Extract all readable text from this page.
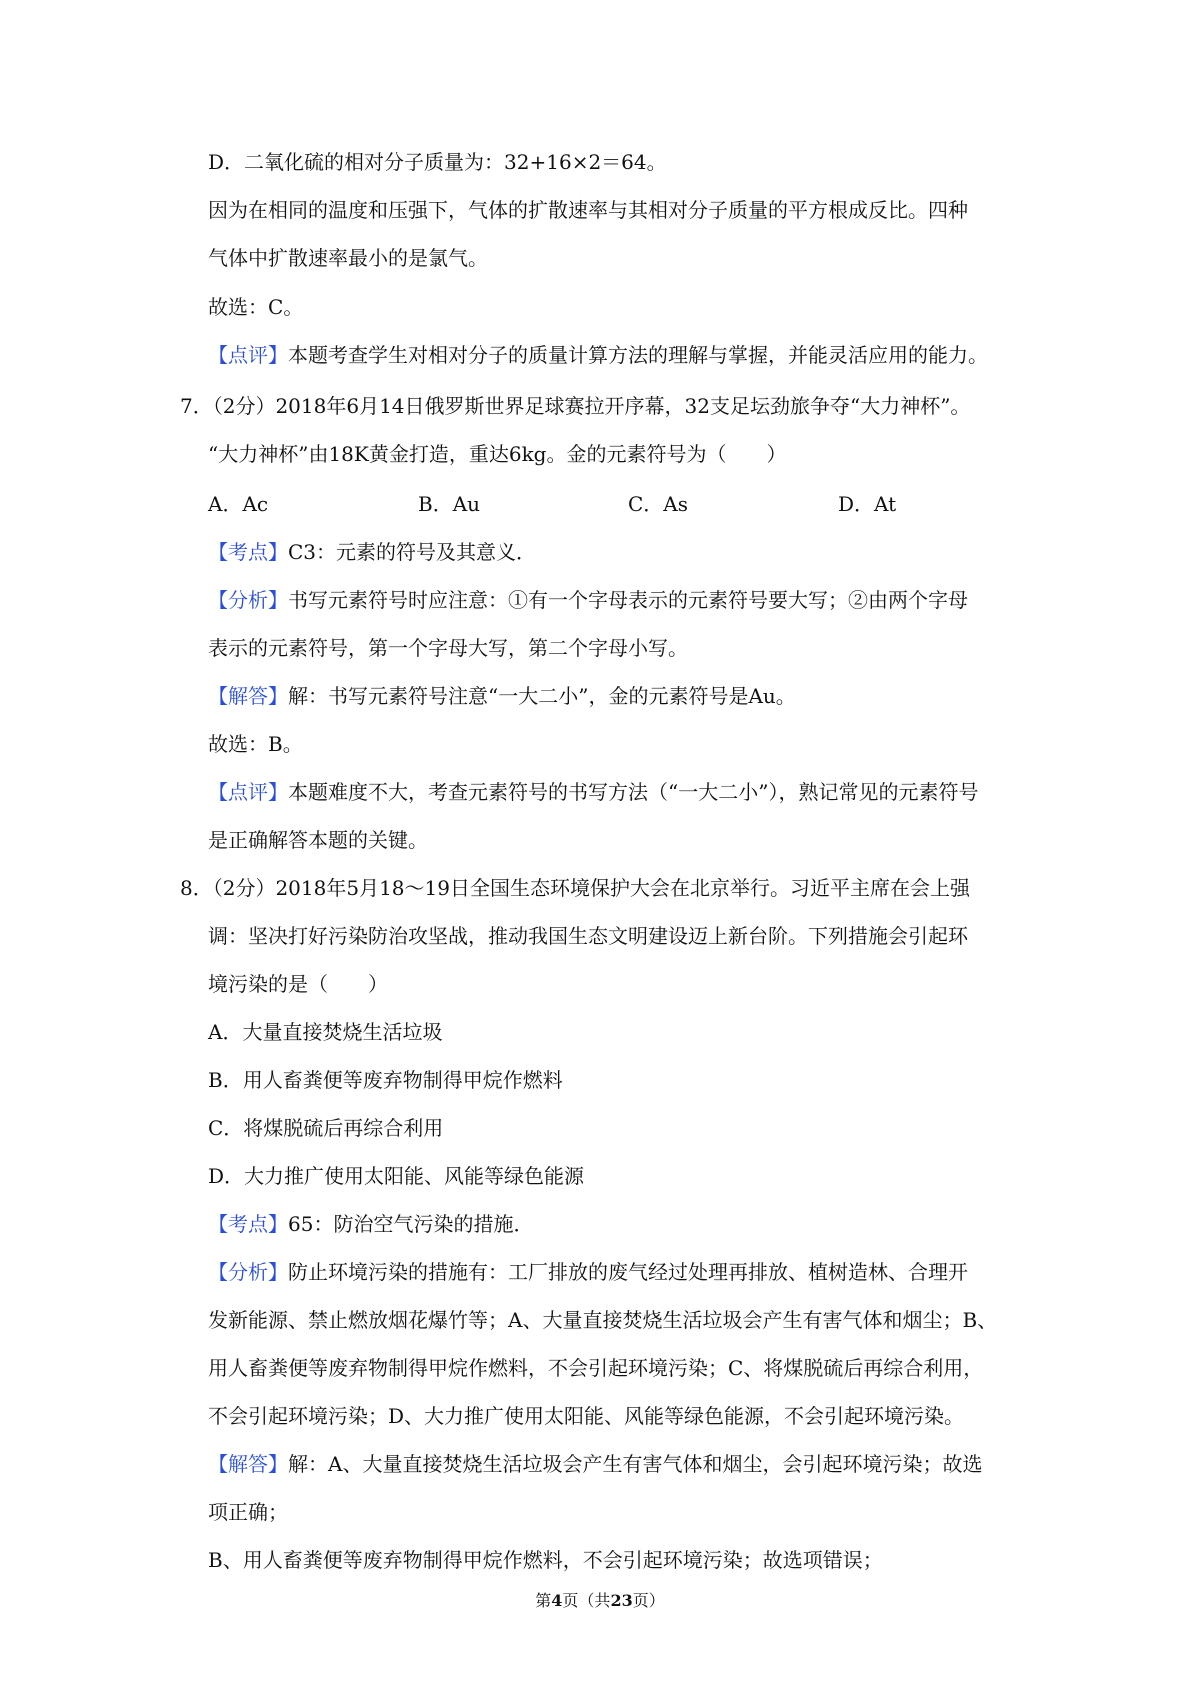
D．二氧化硫的相对分子质量为：32+16×2＝64。
因为在相同的温度和压强下，气体的扩散速率与其相对分子质量的平方根成反比。四种
气体中扩散速率最小的是氯气。
故选：C。
【点评】本题考查学生对相对分子的质量计算方法的理解与掌握，并能灵活应用的能力。
7．（2分）2018年6月14日俄罗斯世界足球赛拉开序幕，32支足坛劲旅争夺“大力神杯”。
“大力神杯”由18K黄金打造，重达6kg。金的元素符号为（　　）
A．Ac	B．Au	C．As	D．At
【考点】C3：元素的符号及其意义．
【分析】书写元素符号时应注意：①有一个字母表示的元素符号要大写；②由两个字母
表示的元素符号，第一个字母大写，第二个字母小写。
【解答】解：书写元素符号注意“一大二小”，金的元素符号是Au。
故选：B。
【点评】本题难度不大，考查元素符号的书写方法（“一大二小”），熟记常见的元素符号
是正确解答本题的关键。
8．（2分）2018年5月18～19日全国生态环境保护大会在北京举行。习近平主席在会上强
调：坚决打好污染防治攻坚战，推动我国生态文明建设迈上新台阶。下列措施会引起环
境污染的是（　　）
A．大量直接焚烧生活垃圾
B．用人畜粪便等废弃物制得甲烷作燃料
C．将煤脱硫后再综合利用
D．大力推广使用太阳能、风能等绿色能源
【考点】65：防治空气污染的措施．
【分析】防止环境污染的措施有：工厂排放的废气经过处理再排放、植树造林、合理开
发新能源、禁止燃放烟花爆竹等；A、大量直接焚烧生活垃圾会产生有害气体和烟尘；B、
用人畜粪便等废弃物制得甲烷作燃料，不会引起环境污染；C、将煤脱硫后再综合利用，
不会引起环境污染；D、大力推广使用太阳能、风能等绿色能源，不会引起环境污染。
【解答】解：A、大量直接焚烧生活垃圾会产生有害气体和烟尘，会引起环境污染；故选
项正确；
B、用人畜粪便等废弃物制得甲烷作燃料，不会引起环境污染；故选项错误；
第4页（共23页）
